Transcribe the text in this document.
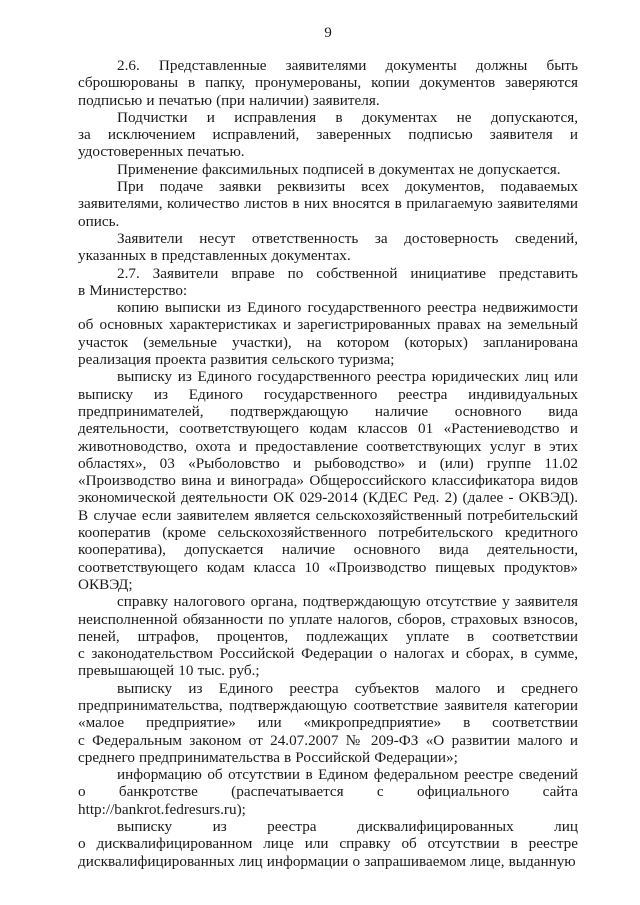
9

2.6. Представленные заявителями документы должны быть сброшюрованы в папку, пронумерованы, копии документов заверяются подписью и печатью (при наличии) заявителя.

Подчистки и исправления в документах не допускаются, за исключением исправлений, заверенных подписью заявителя и удостоверенных печатью.

Применение факсимильных подписей в документах не допускается.

При подаче заявки реквизиты всех документов, подаваемых заявителями, количество листов в них вносятся в прилагаемую заявителями опись.

Заявители несут ответственность за достоверность сведений, указанных в представленных документах.

2.7. Заявители вправе по собственной инициативе представить в Министерство:

копию выписки из Единого государственного реестра недвижимости об основных характеристиках и зарегистрированных правах на земельный участок (земельные участки), на котором (которых) запланирована реализация проекта развития сельского туризма;

выписку из Единого государственного реестра юридических лиц или выписку из Единого государственного реестра индивидуальных предпринимателей, подтверждающую наличие основного вида деятельности, соответствующего кодам классов 01 «Растениеводство и животноводство, охота и предоставление соответствующих услуг в этих областях», 03 «Рыболовство и рыбоводство» и (или) группе 11.02 «Производство вина и винограда» Общероссийского классификатора видов экономической деятельности ОК 029-2014 (КДЕС Ред. 2) (далее - ОКВЭД). В случае если заявителем является сельскохозяйственный потребительский кооператив (кроме сельскохозяйственного потребительского кредитного кооператива), допускается наличие основного вида деятельности, соответствующего кодам класса 10 «Производство пищевых продуктов» ОКВЭД;

справку налогового органа, подтверждающую отсутствие у заявителя неисполненной обязанности по уплате налогов, сборов, страховых взносов, пеней, штрафов, процентов, подлежащих уплате в соответствии с законодательством Российской Федерации о налогах и сборах, в сумме, превышающей 10 тыс. руб.;

выписку из Единого реестра субъектов малого и среднего предпринимательства, подтверждающую соответствие заявителя категории «малое предприятие» или «микропредприятие» в соответствии с Федеральным законом от 24.07.2007 № 209-ФЗ «О развитии малого и среднего предпринимательства в Российской Федерации»;

информацию об отсутствии в Едином федеральном реестре сведений о банкротстве (распечатывается с официального сайта http://bankrot.fedresurs.ru);

выписку из реестра дисквалифицированных лиц о дисквалифицированном лице или справку об отсутствии в реестре дисквалифицированных лиц информации о запрашиваемом лице, выданную
